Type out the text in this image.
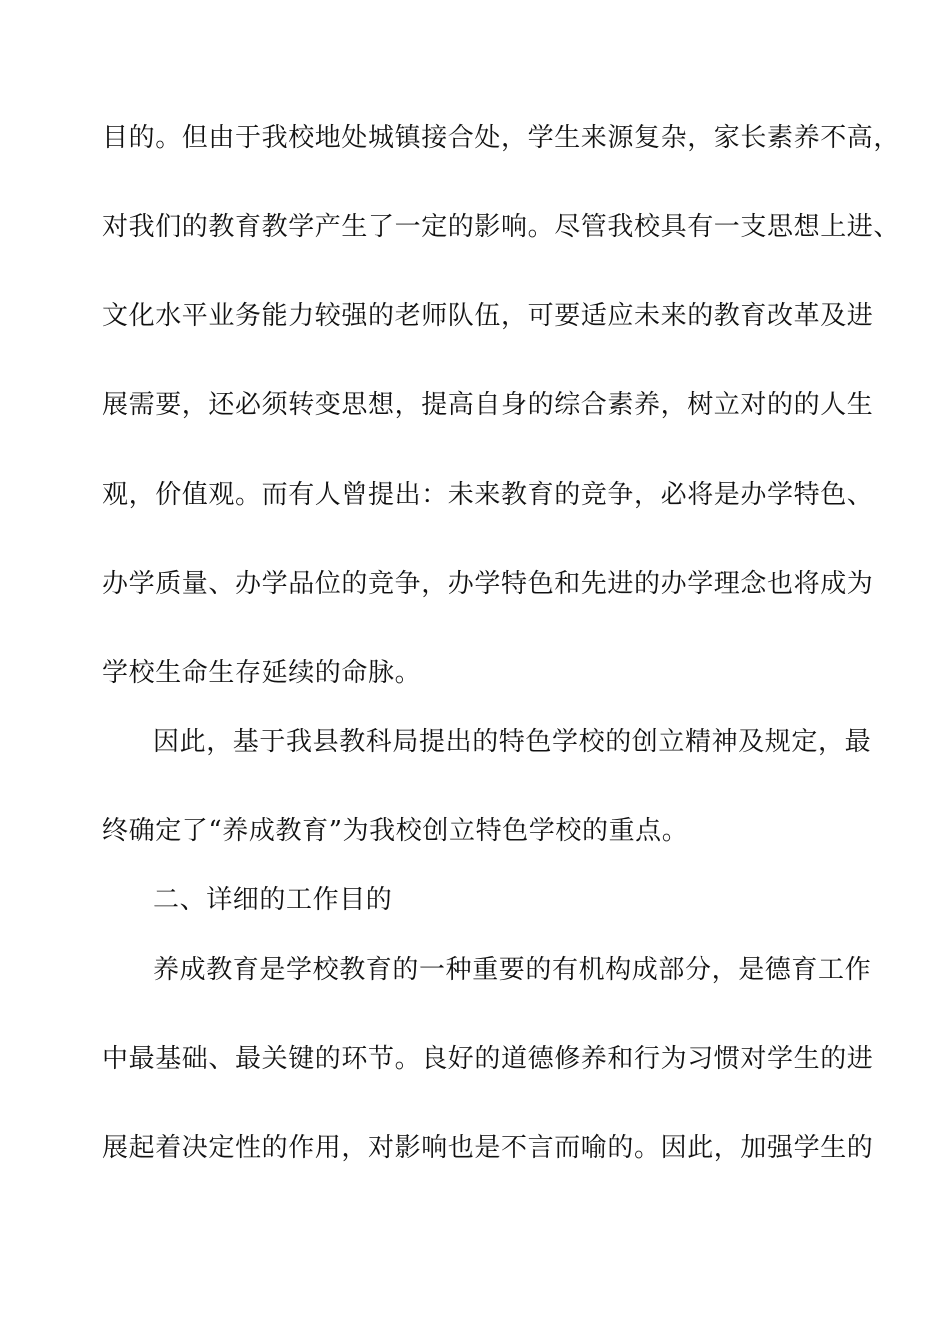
目的。但由于我校地处城镇接合处，学生来源复杂，家长素养不高，
对我们的教育教学产生了一定的影响。尽管我校具有一支思想上进、
文化水平业务能力较强的老师队伍，可要适应未来的教育改革及进
展需要，还必须转变思想，提高自身的综合素养，树立对的的人生
观，价值观。而有人曾提出：未来教育的竞争，必将是办学特色、
办学质量、办学品位的竞争，办学特色和先进的办学理念也将成为
学校生命生存延续的命脉。
因此，基于我县教科局提出的特色学校的创立精神及规定，最
终确定了“养成教育”为我校创立特色学校的重点。
二、详细的工作目的
养成教育是学校教育的一种重要的有机构成部分，是德育工作
中最基础、最关键的环节。良好的道德修养和行为习惯对学生的进
展起着决定性的作用，对影响也是不言而喻的。因此，加强学生的
